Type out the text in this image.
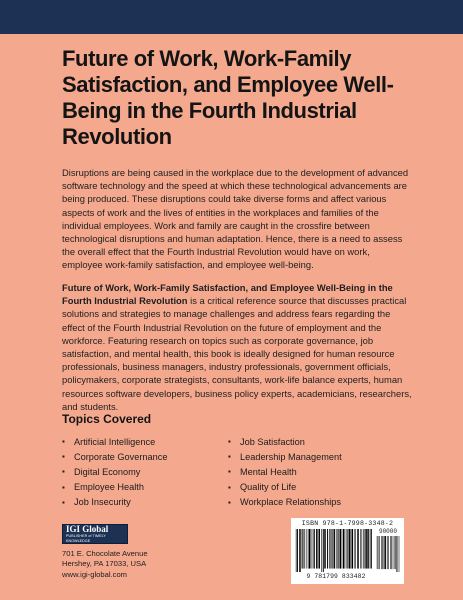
Future of Work, Work-Family Satisfaction, and Employee Well-Being in the Fourth Industrial Revolution

Disruptions are being caused in the workplace due to the development of advanced software technology and the speed at which these technological advancements are being produced. These disruptions could take diverse forms and affect various aspects of work and the lives of entities in the workplaces and families of the individual employees. Work and family are caught in the crossfire between technological disruptions and human adaptation. Hence, there is a need to assess the overall effect that the Fourth Industrial Revolution would have on work, employee work-family satisfaction, and employee well-being.

Future of Work, Work-Family Satisfaction, and Employee Well-Being in the Fourth Industrial Revolution is a critical reference source that discusses practical solutions and strategies to manage challenges and address fears regarding the effect of the Fourth Industrial Revolution on the future of employment and the workforce. Featuring research on topics such as corporate governance, job satisfaction, and mental health, this book is ideally designed for human resource professionals, business managers, industry professionals, government officials, policymakers, corporate strategists, consultants, work-life balance experts, human resources software developers, business policy experts, academicians, researchers, and students.

Topics Covered
▪ Artificial Intelligence	▪ Job Satisfaction
▪ Corporate Governance	▪ Leadership Management
▪ Digital Economy	▪ Mental Health
▪ Employee Health	▪ Quality of Life
▪ Job Insecurity	▪ Workplace Relationships
IGI Global
PUBLISHER of TIMELY KNOWLEDGE
701 E. Chocolate Avenue
Hershey, PA 17033, USA
www.igi-global.com
ISBN 978-1-7998-3348-2
90000
9 781799 833482
